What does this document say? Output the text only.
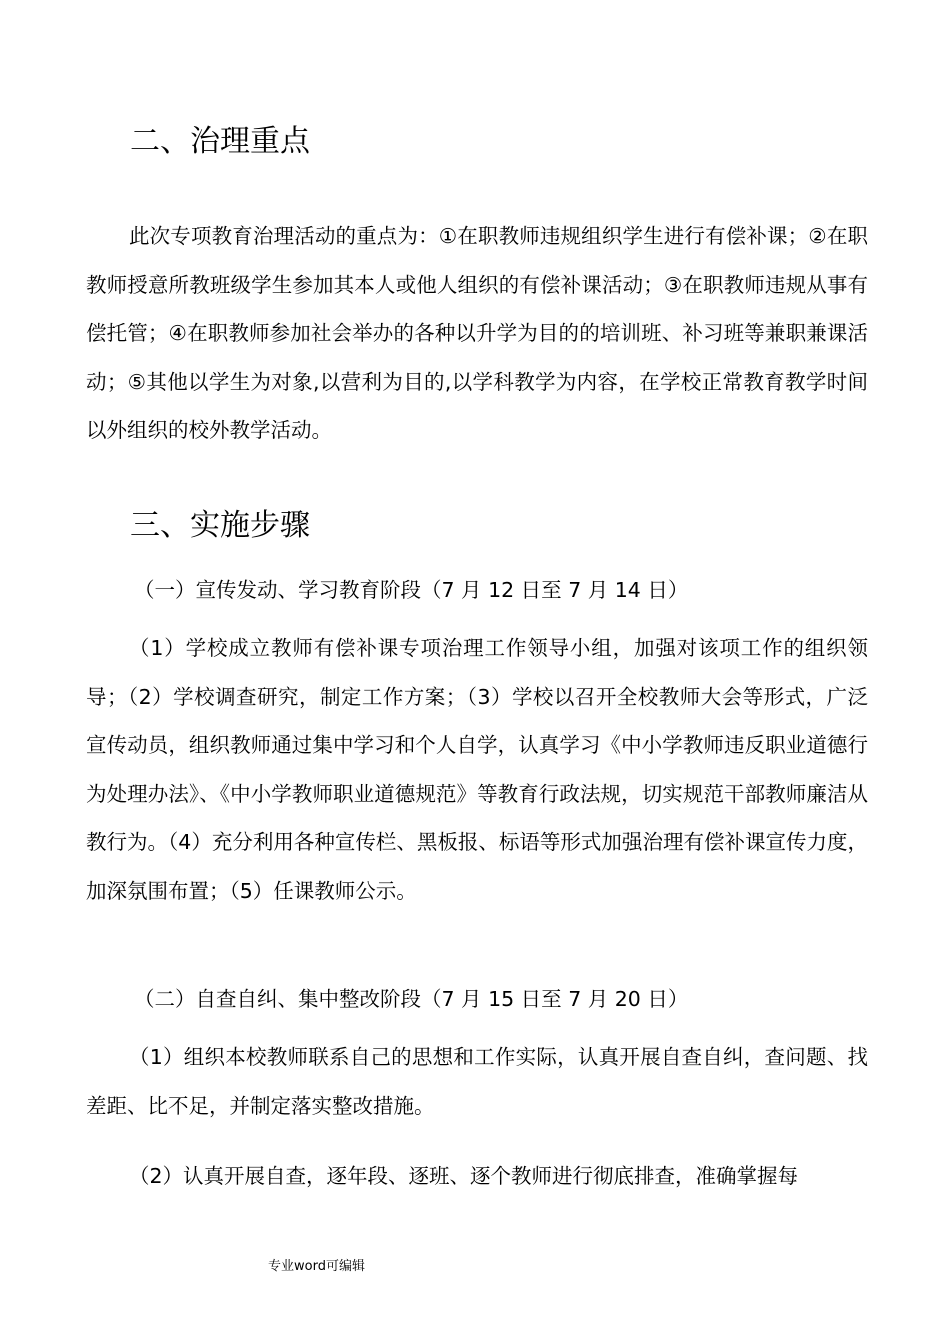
二、治理重点

此次专项教育治理活动的重点为：①在职教师违规组织学生进行有偿补课；②在职教师授意所教班级学生参加其本人或他人组织的有偿补课活动；③在职教师违规从事有偿托管；④在职教师参加社会举办的各种以升学为目的的培训班、补习班等兼职兼课活动；⑤其他以学生为对象,以营利为目的,以学科教学为内容，在学校正常教育教学时间以外组织的校外教学活动。

三、实施步骤

（一）宣传发动、学习教育阶段（7 月 12 日至 7 月 14 日）

（1）学校成立教师有偿补课专项治理工作领导小组，加强对该项工作的组织领导；（2）学校调查研究，制定工作方案；（3）学校以召开全校教师大会等形式，广泛宣传动员，组织教师通过集中学习和个人自学，认真学习《中小学教师违反职业道德行为处理办法》、《中小学教师职业道德规范》等教育行政法规，切实规范干部教师廉洁从教行为。（4）充分利用各种宣传栏、黑板报、标语等形式加强治理有偿补课宣传力度，加深氛围布置；（5）任课教师公示。

（二）自查自纠、集中整改阶段（7 月 15 日至 7 月 20 日）

（1）组织本校教师联系自己的思想和工作实际，认真开展自查自纠，查问题、找差距、比不足，并制定落实整改措施。

（2）认真开展自查，逐年段、逐班、逐个教师进行彻底排查，准确掌握每

专业word可编辑
